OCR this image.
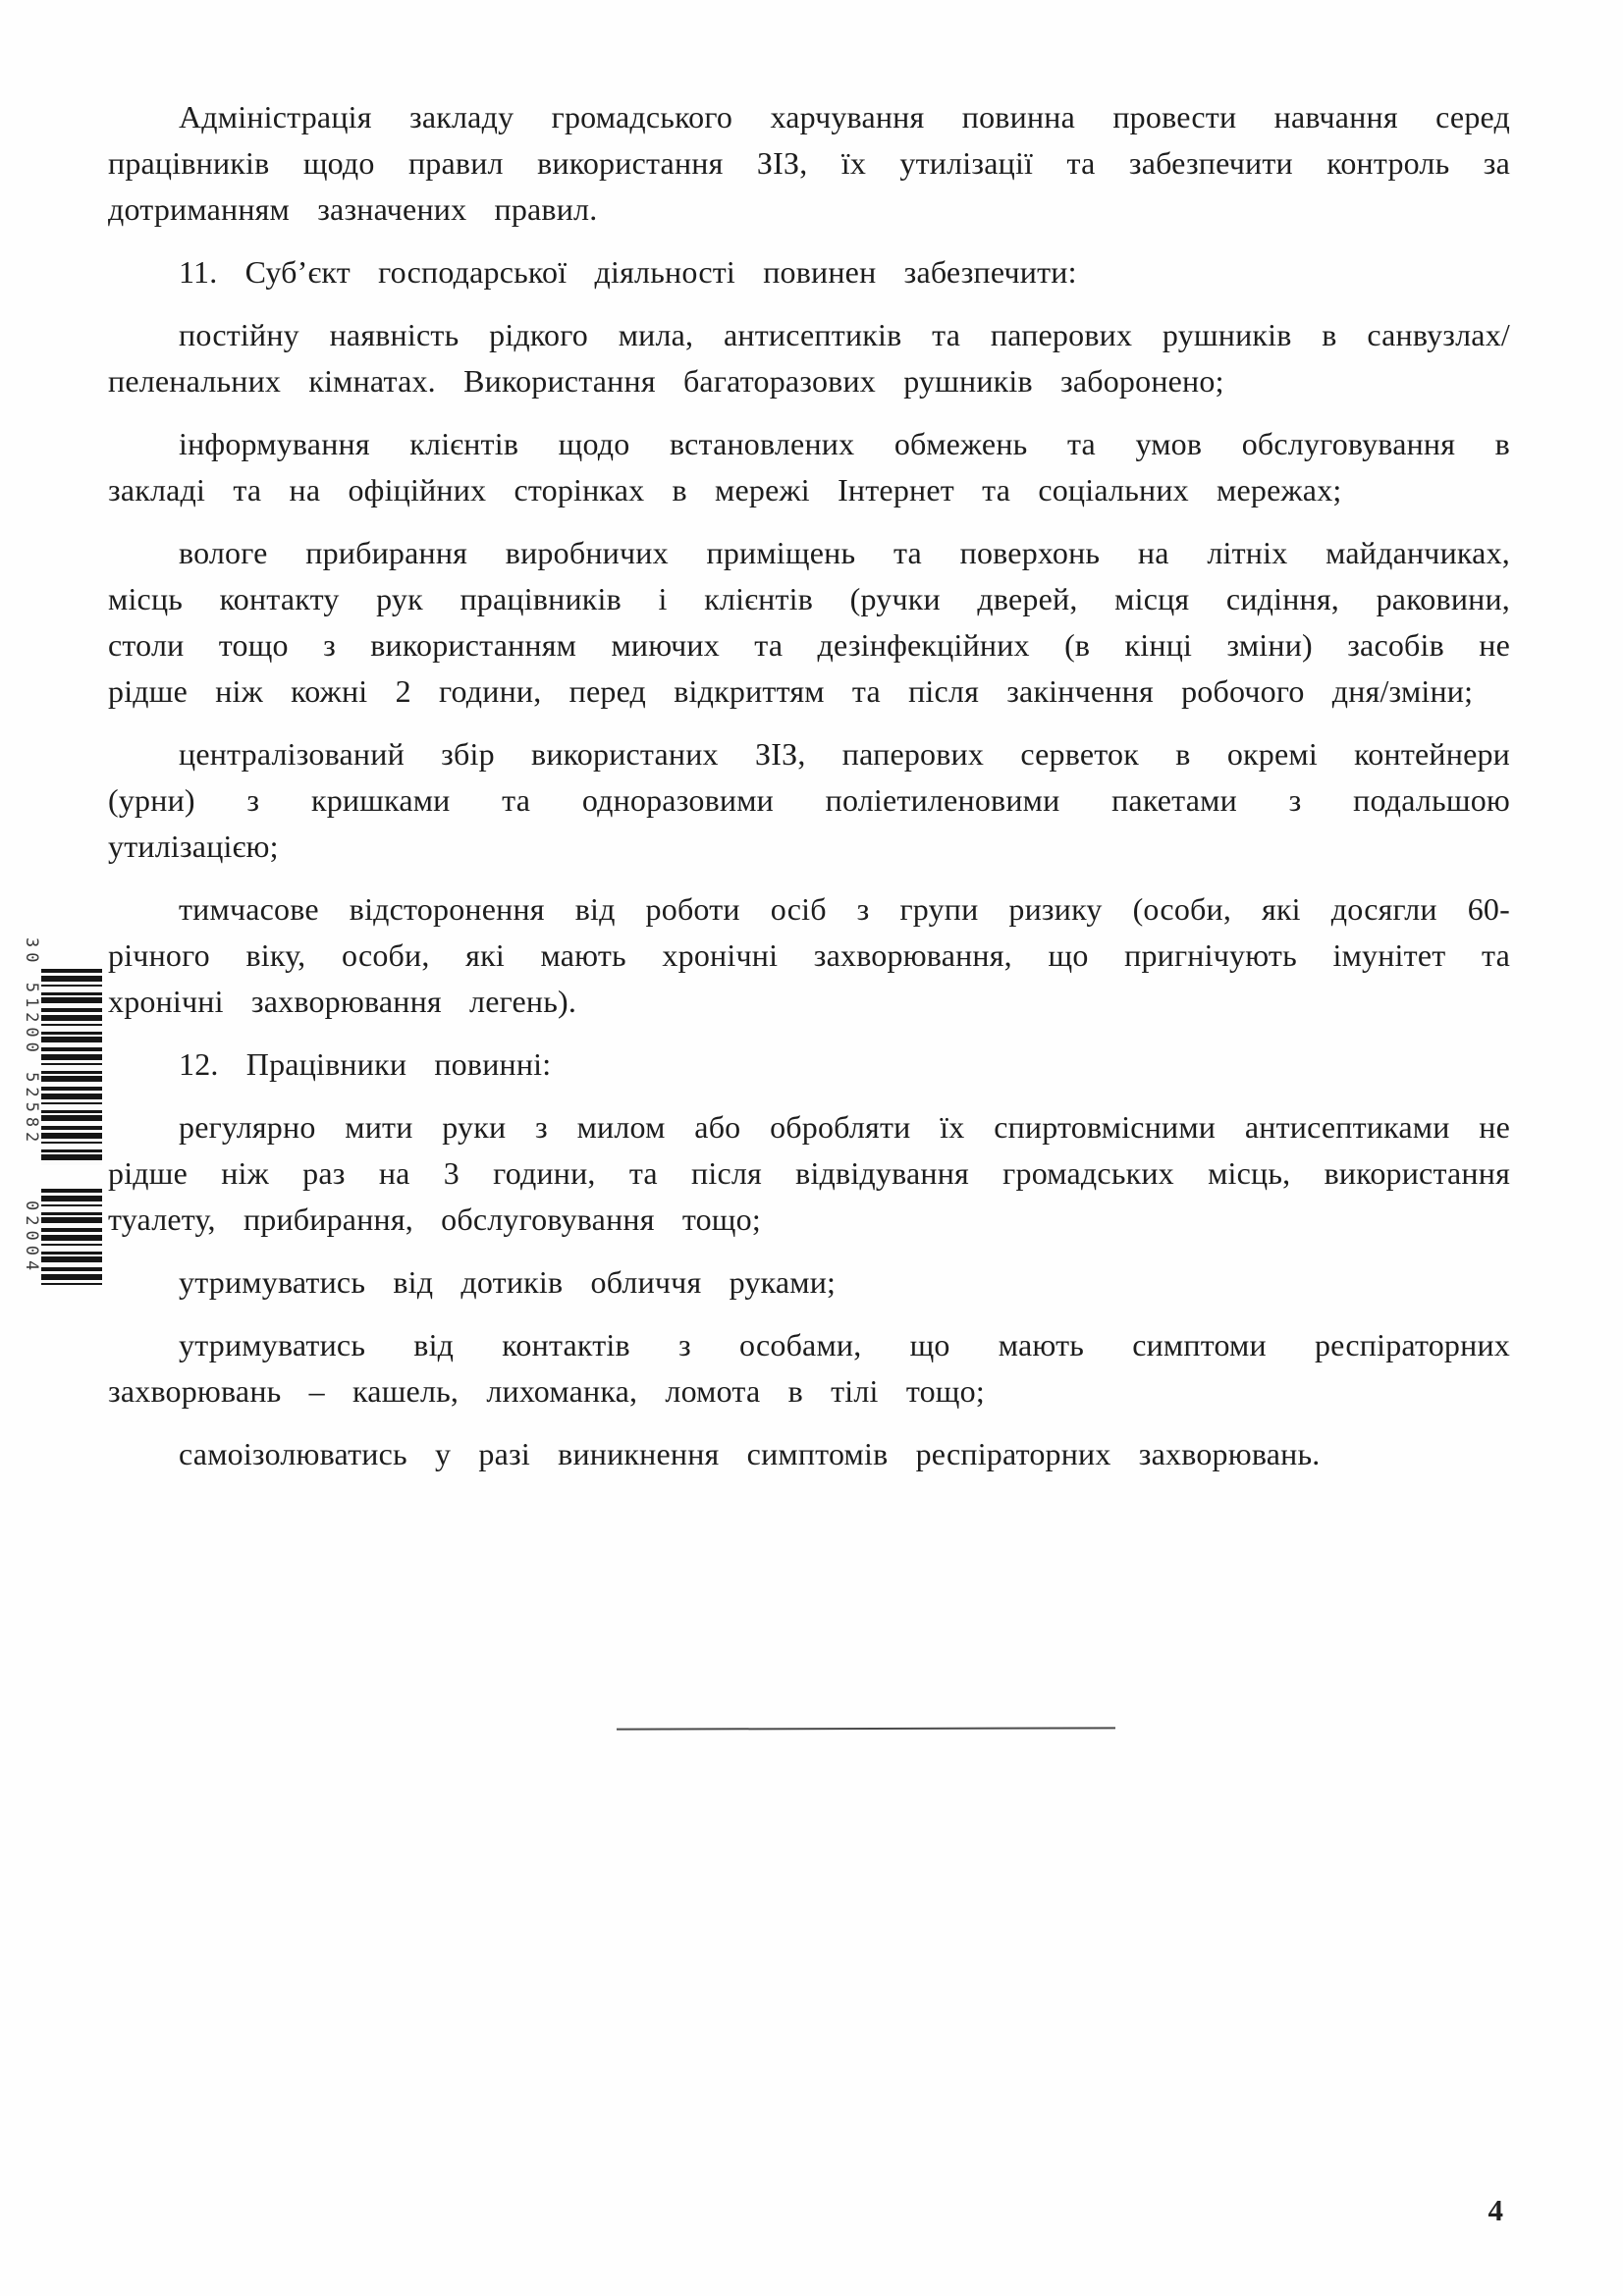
30 51200 52582
02004

Адміністрація закладу громадського харчування повинна провести навчання серед працівників щодо правил використання ЗІЗ, їх утилізації та забезпечити контроль за дотриманням зазначених правил.

11. Суб’єкт господарської діяльності повинен забезпечити:

постійну наявність рідкого мила, антисептиків та паперових рушників в санвузлах/пеленальних кімнатах. Використання багаторазових рушників заборонено;

інформування клієнтів щодо встановлених обмежень та умов обслуговування в закладі та на офіційних сторінках в мережі Інтернет та соціальних мережах;

вологе прибирання виробничих приміщень та поверхонь на літніх майданчиках, місць контакту рук працівників і клієнтів (ручки дверей, місця сидіння, раковини, столи тощо з використанням миючих та дезінфекційних (в кінці зміни) засобів не рідше ніж кожні 2 години, перед відкриттям та після закінчення робочого дня/зміни;

централізований збір використаних ЗІЗ, паперових серветок в окремі контейнери (урни) з кришками та одноразовими поліетиленовими пакетами з подальшою утилізацією;

тимчасове відсторонення від роботи осіб з групи ризику (особи, які досягли 60-річного віку, особи, які мають хронічні захворювання, що пригнічують імунітет та хронічні захворювання легень).

12. Працівники повинні:

регулярно мити руки з милом або обробляти їх спиртовмісними антисептиками не рідше ніж раз на 3 години, та після відвідування громадських місць, використання туалету, прибирання, обслуговування тощо;

утримуватись від дотиків обличчя руками;

утримуватись від контактів з особами, що мають симптоми респіраторних захворювань – кашель, лихоманка, ломота в тілі тощо;

самоізолюватись у разі виникнення симптомів респіраторних захворювань.

4
